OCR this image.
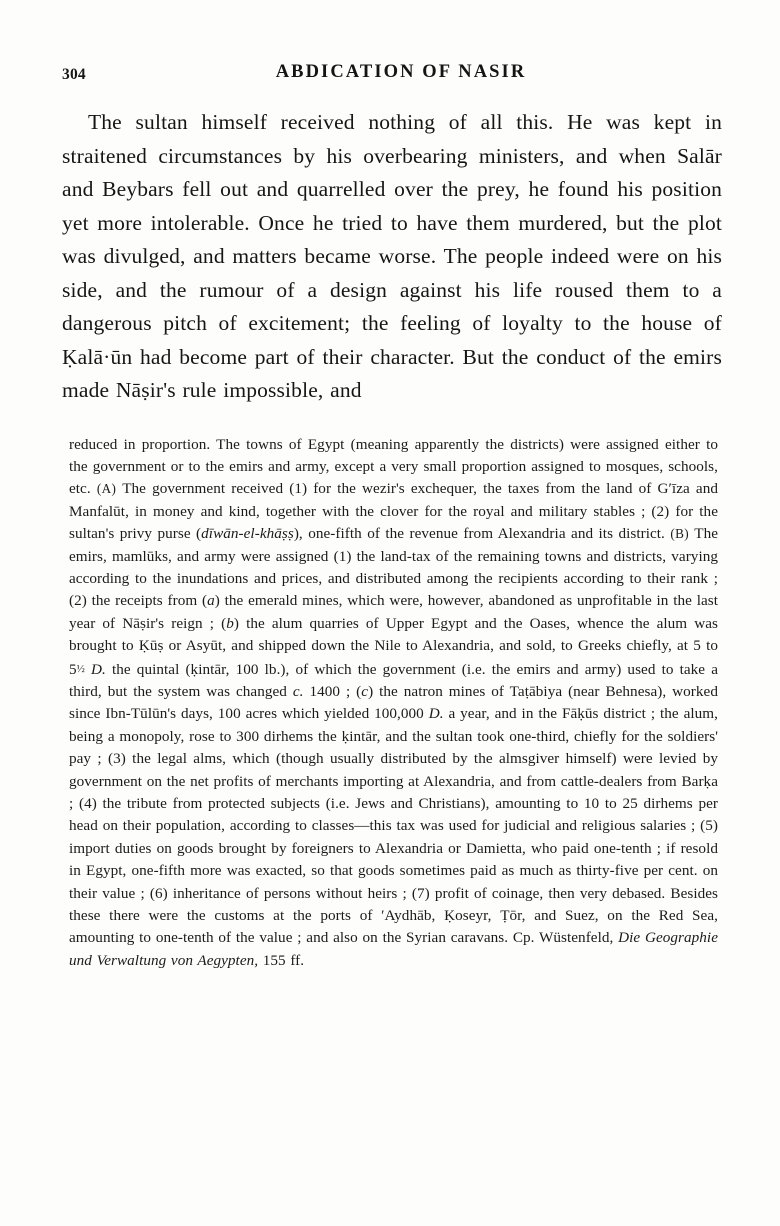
304	ABDICATION OF NASIR
The sultan himself received nothing of all this. He was kept in straitened circumstances by his overbearing ministers, and when Salār and Beybars fell out and quarrelled over the prey, he found his position yet more intolerable. Once he tried to have them murdered, but the plot was divulged, and matters became worse. The people indeed were on his side, and the rumour of a design against his life roused them to a dangerous pitch of excitement; the feeling of loyalty to the house of Ḳalā·ūn had become part of their character. But the conduct of the emirs made Nāṣir's rule impossible, and
reduced in proportion. The towns of Egypt (meaning apparently the districts) were assigned either to the government or to the emirs and army, except a very small proportion assigned to mosques, schools, etc. (A) The government received (1) for the wezir's exchequer, the taxes from the land of G′īza and Manfalūt, in money and kind, together with the clover for the royal and military stables ; (2) for the sultan's privy purse (dīwān-el-khāṣṣ), one-fifth of the revenue from Alexandria and its district. (B) The emirs, mamlūks, and army were assigned (1) the land-tax of the remaining towns and districts, varying according to the inundations and prices, and distributed among the recipients according to their rank ; (2) the receipts from (a) the emerald mines, which were, however, abandoned as unprofitable in the last year of Nāṣir's reign ; (b) the alum quarries of Upper Egypt and the Oases, whence the alum was brought to Ḳūṣ or Asyūt, and shipped down the Nile to Alexandria, and sold, to Greeks chiefly, at 5 to 5½ D. the quintal (ḳintār, 100 lb.), of which the government (i.e. the emirs and army) used to take a third, but the system was changed c. 1400 ; (c) the natron mines of Taṭābiya (near Behnesa), worked since Ibn-Tūlūn's days, 100 acres which yielded 100,000 D. a year, and in the Fāḳūs district ; the alum, being a monopoly, rose to 300 dirhems the ḳintār, and the sultan took one-third, chiefly for the soldiers' pay ; (3) the legal alms, which (though usually distributed by the almsgiver himself) were levied by government on the net profits of merchants importing at Alexandria, and from cattle-dealers from Barḳa ; (4) the tribute from protected subjects (i.e. Jews and Christians), amounting to 10 to 25 dirhems per head on their population, according to classes—this tax was used for judicial and religious salaries ; (5) import duties on goods brought by foreigners to Alexandria or Damietta, who paid one-tenth ; if resold in Egypt, one-fifth more was exacted, so that goods sometimes paid as much as thirty-five per cent. on their value ; (6) inheritance of persons without heirs ; (7) profit of coinage, then very debased. Besides these there were the customs at the ports of ′Aydhāb, Ḳoseyr, Ṭōr, and Suez, on the Red Sea, amounting to one-tenth of the value ; and also on the Syrian caravans. Cp. Wüstenfeld, Die Geographie und Verwaltung von Aegypten, 155 ff.
